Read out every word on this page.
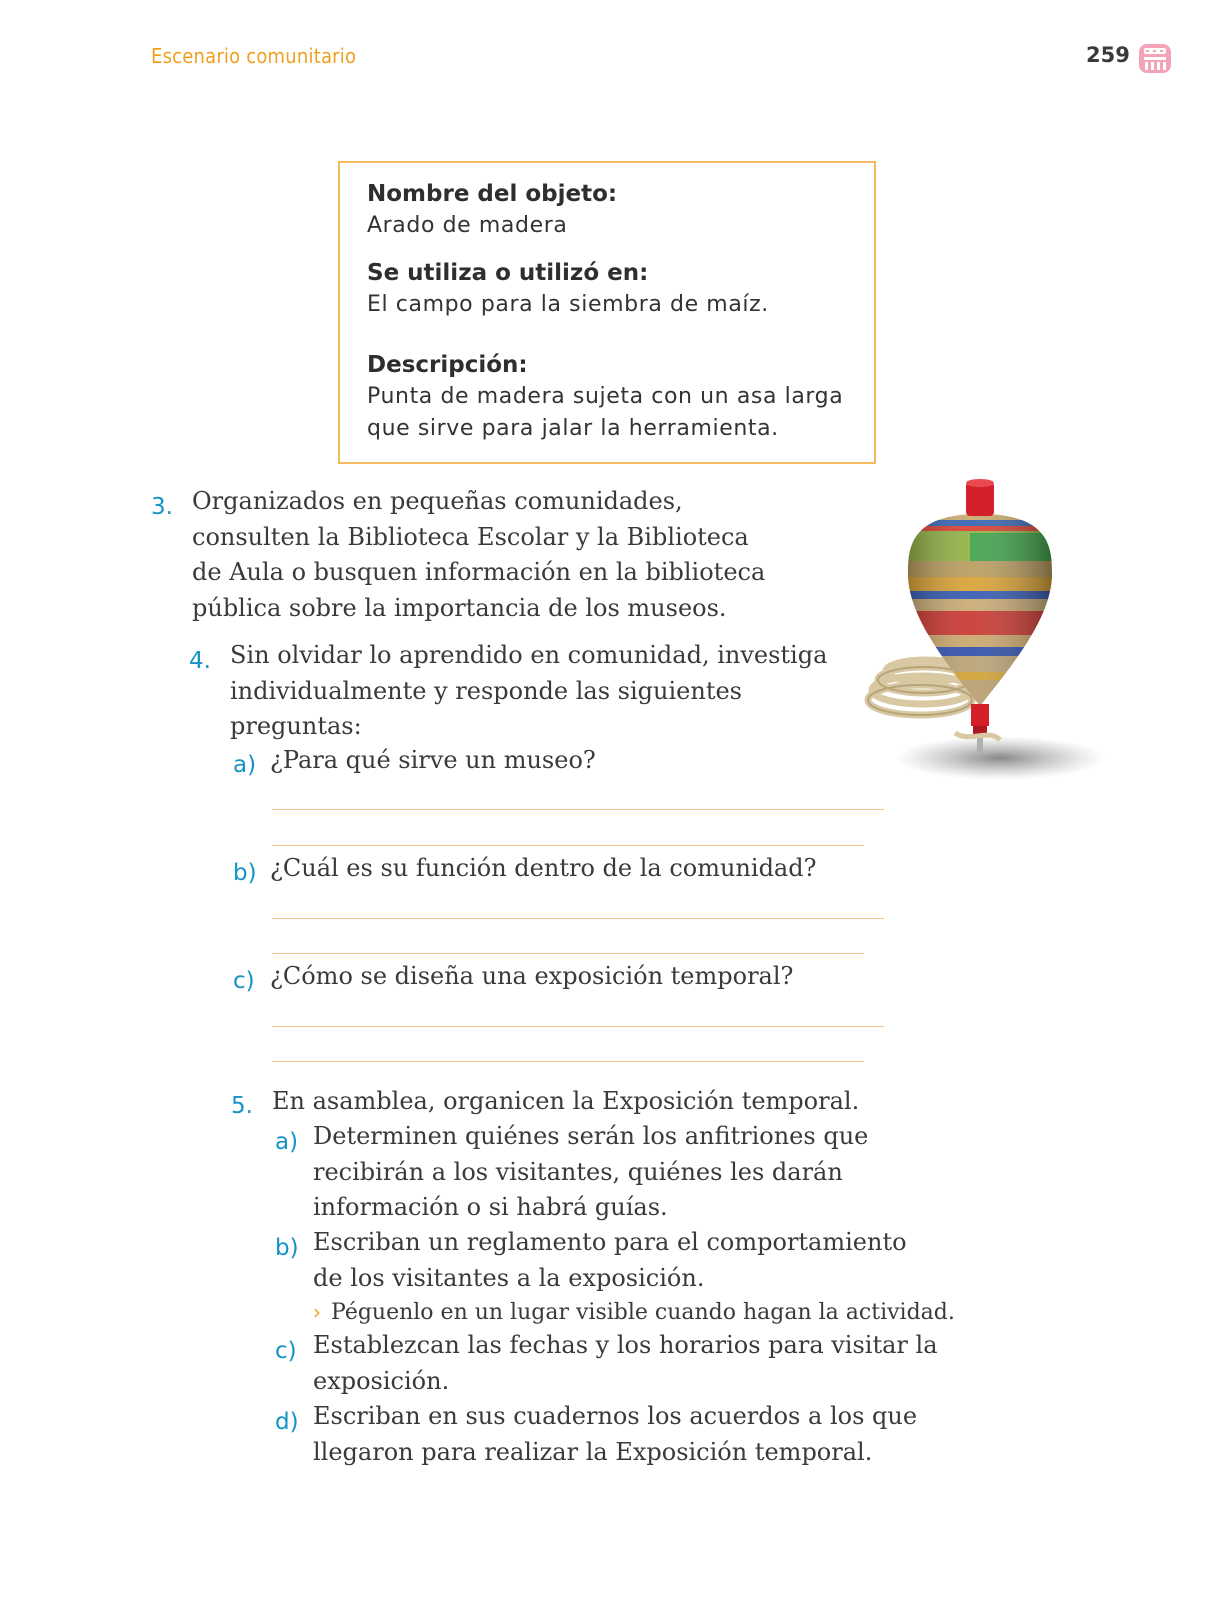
Escenario comunitario	259
Nombre del objeto:
Arado de madera
Se utiliza o utilizó en:
El campo para la siembra de maíz.
Descripción:
Punta de madera sujeta con un asa larga
que sirve para jalar la herramienta.
3. Organizados en pequeñas comunidades,
consulten la Biblioteca Escolar y la Biblioteca
de Aula o busquen información en la biblioteca
pública sobre la importancia de los museos.
4. Sin olvidar lo aprendido en comunidad, investiga
individualmente y responde las siguientes
preguntas:
a) ¿Para qué sirve un museo?
b) ¿Cuál es su función dentro de la comunidad?
c) ¿Cómo se diseña una exposición temporal?
5. En asamblea, organicen la Exposición temporal.
a) Determinen quiénes serán los anfitriones que
recibirán a los visitantes, quiénes les darán
información o si habrá guías.
b) Escriban un reglamento para el comportamiento
de los visitantes a la exposición.
› Péguenlo en un lugar visible cuando hagan la actividad.
c) Establezcan las fechas y los horarios para visitar la
exposición.
d) Escriban en sus cuadernos los acuerdos a los que
llegaron para realizar la Exposición temporal.
